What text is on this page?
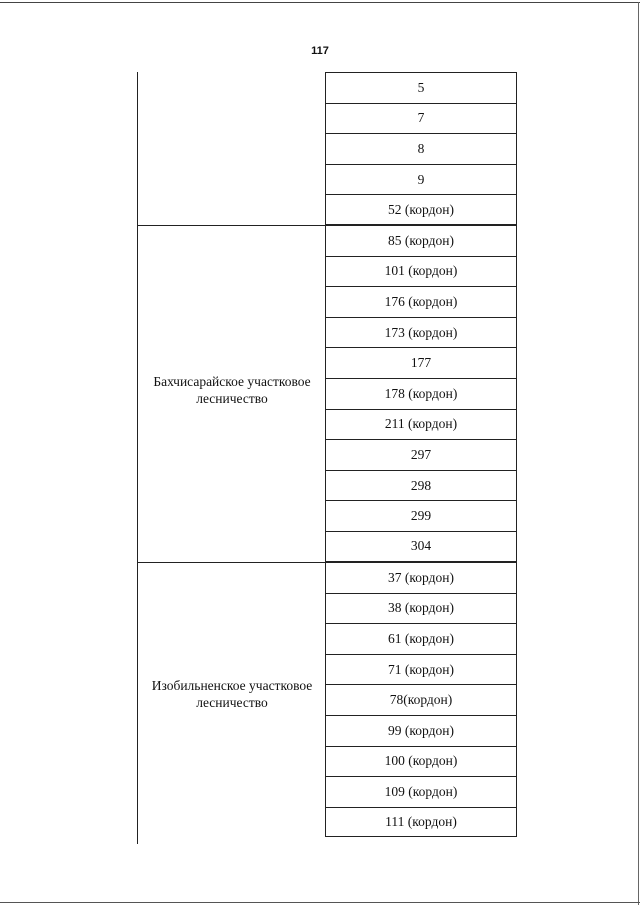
117
5
7
8
9
52 (кордон)
Бахчисарайское участковое
лесничество
85 (кордон)
101 (кордон)
176 (кордон)
173 (кордон)
177
178 (кордон)
211 (кордон)
297
298
299
304
Изобильненское участковое
лесничество
37 (кордон)
38 (кордон)
61 (кордон)
71 (кордон)
78(кордон)
99 (кордон)
100 (кордон)
109 (кордон)
111 (кордон)
